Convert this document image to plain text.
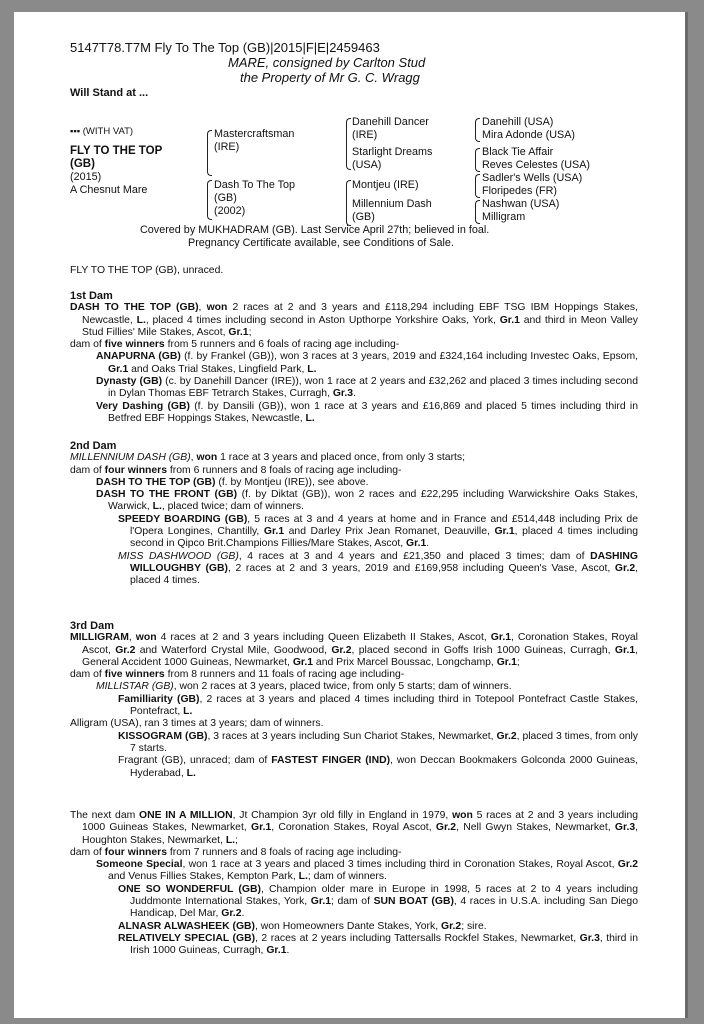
5147T78.T7M Fly To The Top (GB)|2015|F|E|2459463
MARE, consigned by Carlton Stud
the Property of Mr G. C. Wragg
Will Stand at ...
▪▪▪ (WITH VAT)
FLY TO THE TOP
(GB)
(2015)
A Chesnut Mare
Mastercraftsman
(IRE)
Dash To The Top
(GB)
(2002)
Danehill Dancer
(IRE)
Starlight Dreams
(USA)
Montjeu (IRE)
Millennium Dash
(GB)
Danehill (USA)
Mira Adonde (USA)
Black Tie Affair
Reves Celestes (USA)
Sadler's Wells (USA)
Floripedes (FR)
Nashwan (USA)
Milligram
Covered by MUKHADRAM (GB). Last Service April 27th; believed in foal.
Pregnancy Certificate available, see Conditions of Sale.
FLY TO THE TOP (GB), unraced.
1st Dam

DASH TO THE TOP (GB), won 2 races at 2 and 3 years and £118,294 including EBF TSG IBM Hoppings Stakes, Newcastle, L., placed 4 times including second in Aston Upthorpe Yorkshire Oaks, York, Gr.1 and third in Meon Valley Stud Fillies' Mile Stakes, Ascot, Gr.1;

dam of five winners from 5 runners and 6 foals of racing age including-

ANAPURNA (GB) (f. by Frankel (GB)), won 3 races at 3 years, 2019 and £324,164 including Investec Oaks, Epsom, Gr.1 and Oaks Trial Stakes, Lingfield Park, L.

Dynasty (GB) (c. by Danehill Dancer (IRE)), won 1 race at 2 years and £32,262 and placed 3 times including second in Dylan Thomas EBF Tetrarch Stakes, Curragh, Gr.3.

Very Dashing (GB) (f. by Dansili (GB)), won 1 race at 3 years and £16,869 and placed 5 times including third in Betfred EBF Hoppings Stakes, Newcastle, L.

2nd Dam

MILLENNIUM DASH (GB), won 1 race at 3 years and placed once, from only 3 starts;

dam of four winners from 6 runners and 8 foals of racing age including-

DASH TO THE TOP (GB) (f. by Montjeu (IRE)), see above.

DASH TO THE FRONT (GB) (f. by Diktat (GB)), won 2 races and £22,295 including Warwickshire Oaks Stakes, Warwick, L., placed twice; dam of winners.

SPEEDY BOARDING (GB), 5 races at 3 and 4 years at home and in France and £514,448 including Prix de l'Opera Longines, Chantilly, Gr.1 and Darley Prix Jean Romanet, Deauville, Gr.1, placed 4 times including second in Qipco Brit.Champions Fillies/Mare Stakes, Ascot, Gr.1.

MISS DASHWOOD (GB), 4 races at 3 and 4 years and £21,350 and placed 3 times; dam of DASHING WILLOUGHBY (GB), 2 races at 2 and 3 years, 2019 and £169,958 including Queen's Vase, Ascot, Gr.2, placed 4 times.

3rd Dam

MILLIGRAM, won 4 races at 2 and 3 years including Queen Elizabeth II Stakes, Ascot, Gr.1, Coronation Stakes, Royal Ascot, Gr.2 and Waterford Crystal Mile, Goodwood, Gr.2, placed second in Goffs Irish 1000 Guineas, Curragh, Gr.1, General Accident 1000 Guineas, Newmarket, Gr.1 and Prix Marcel Boussac, Longchamp, Gr.1;

dam of five winners from 8 runners and 11 foals of racing age including-

MILLISTAR (GB), won 2 races at 3 years, placed twice, from only 5 starts; dam of winners.

Familliarity (GB), 2 races at 3 years and placed 4 times including third in Totepool Pontefract Castle Stakes, Pontefract, L.

Alligram (USA), ran 3 times at 3 years; dam of winners.

KISSOGRAM (GB), 3 races at 3 years including Sun Chariot Stakes, Newmarket, Gr.2, placed 3 times, from only 7 starts.

Fragrant (GB), unraced; dam of FASTEST FINGER (IND), won Deccan Bookmakers Golconda 2000 Guineas, Hyderabad, L.

The next dam ONE IN A MILLION, Jt Champion 3yr old filly in England in 1979, won 5 races at 2 and 3 years including 1000 Guineas Stakes, Newmarket, Gr.1, Coronation Stakes, Royal Ascot, Gr.2, Nell Gwyn Stakes, Newmarket, Gr.3, Houghton Stakes, Newmarket, L.;

dam of four winners from 7 runners and 8 foals of racing age including-

Someone Special, won 1 race at 3 years and placed 3 times including third in Coronation Stakes, Royal Ascot, Gr.2 and Venus Fillies Stakes, Kempton Park, L.; dam of winners.

ONE SO WONDERFUL (GB), Champion older mare in Europe in 1998, 5 races at 2 to 4 years including Juddmonte International Stakes, York, Gr.1; dam of SUN BOAT (GB), 4 races in U.S.A. including San Diego Handicap, Del Mar, Gr.2.

ALNASR ALWASHEEK (GB), won Homeowners Dante Stakes, York, Gr.2; sire.

RELATIVELY SPECIAL (GB), 2 races at 2 years including Tattersalls Rockfel Stakes, Newmarket, Gr.3, third in Irish 1000 Guineas, Curragh, Gr.1.
